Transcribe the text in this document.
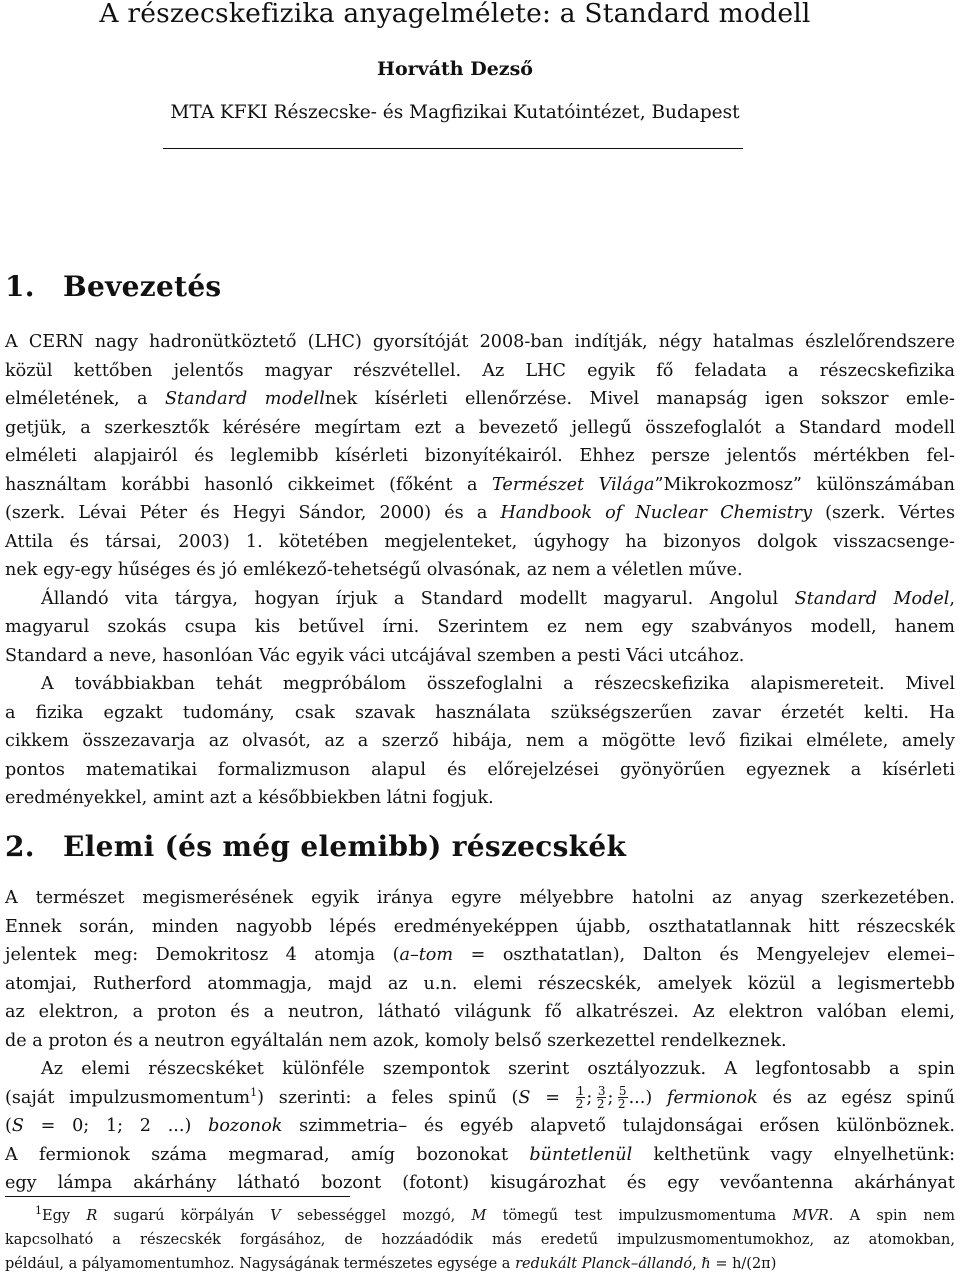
A részecskefizika anyagelmélete: a Standard modell
Horváth Dezső
MTA KFKI Részecske- és Magfizikai Kutatóintézet, Budapest
1. Bevezetés
A CERN nagy hadronütköztető (LHC) gyorsítóját 2008-ban indítják, négy hatalmas észlelőrendszere
közül kettőben jelentős magyar részvétellel. Az LHC egyik fő feladata a részecskefizika
elméletének, a Standard modellnek kísérleti ellenőrzése. Mivel manapság igen sokszor emle-
getjük, a szerkesztők kérésére megírtam ezt a bevezető jellegű összefoglalót a Standard modell
elméleti alapjairól és leglemibb kísérleti bizonyítékairól. Ehhez persze jelentős mértékben fel-
használtam korábbi hasonló cikkeimet (főként a Természet Világa”Mikrokozmosz” különszámában
(szerk. Lévai Péter és Hegyi Sándor, 2000) és a Handbook of Nuclear Chemistry (szerk. Vértes
Attila és társai, 2003) 1. kötetében megjelenteket, úgyhogy ha bizonyos dolgok visszacsenge-
nek egy-egy hűséges és jó emlékező-tehetségű olvasónak, az nem a véletlen műve.
Állandó vita tárgya, hogyan írjuk a Standard modellt magyarul. Angolul Standard Model,
magyarul szokás csupa kis betűvel írni. Szerintem ez nem egy szabványos modell, hanem
Standard a neve, hasonlóan Vác egyik váci utcájával szemben a pesti Váci utcához.
A továbbiakban tehát megpróbálom összefoglalni a részecskefizika alapismereteit. Mivel
a fizika egzakt tudomány, csak szavak használata szükségszerűen zavar érzetét kelti. Ha
cikkem összezavarja az olvasót, az a szerző hibája, nem a mögötte levő fizikai elmélete, amely
pontos matematikai formalizmuson alapul és előrejelzései gyönyörűen egyeznek a kísérleti
eredményekkel, amint azt a későbbiekben látni fogjuk.
2. Elemi (és még elemibb) részecskék
A természet megismerésének egyik iránya egyre mélyebbre hatolni az anyag szerkezetében.
Ennek során, minden nagyobb lépés eredményeképpen újabb, oszthatatlannak hitt részecskék
jelentek meg: Demokritosz 4 atomja (a–tom = oszthatatlan), Dalton és Mengyelejev elemei–
atomjai, Rutherford atommagja, majd az u.n. elemi részecskék, amelyek közül a legismertebb
az elektron, a proton és a neutron, látható világunk fő alkatrészei. Az elektron valóban elemi,
de a proton és a neutron egyáltalán nem azok, komoly belső szerkezettel rendelkeznek.
Az elemi részecskéket különféle szempontok szerint osztályozzuk. A legfontosabb a spin
(saját impulzusmomentum$^1$) szerinti: a feles spinű ($S = \frac{1}{2}$ ;  $\frac{3}{2}$ ;  $\frac{5}{2}$ ...) fermionok és az egész spinű
(S = 0; 1; 2 ...) bozonok szimmetria– és egyéb alapvető tulajdonságai erősen különböznek.
A fermionok száma megmarad, amíg bozonokat büntetlenül kelthetünk vagy elnyelhetünk:
egy lámpa akárhány látható bozont (fotont) kisugározhat és egy vevőantenna akárhányat
$^1$Egy R sugarú körpályán V sebességgel mozgó, M tömegű test impulzusmomentuma MVR. A spin nem
kapcsolható a részecskék forgásához, de hozzáadódik más eredetű impulzusmomentumokhoz, az atomokban,
például, a pályamomentumhoz. Nagyságának természetes egysége a redukált Planck–állandó, ℏ = h/(2π)
